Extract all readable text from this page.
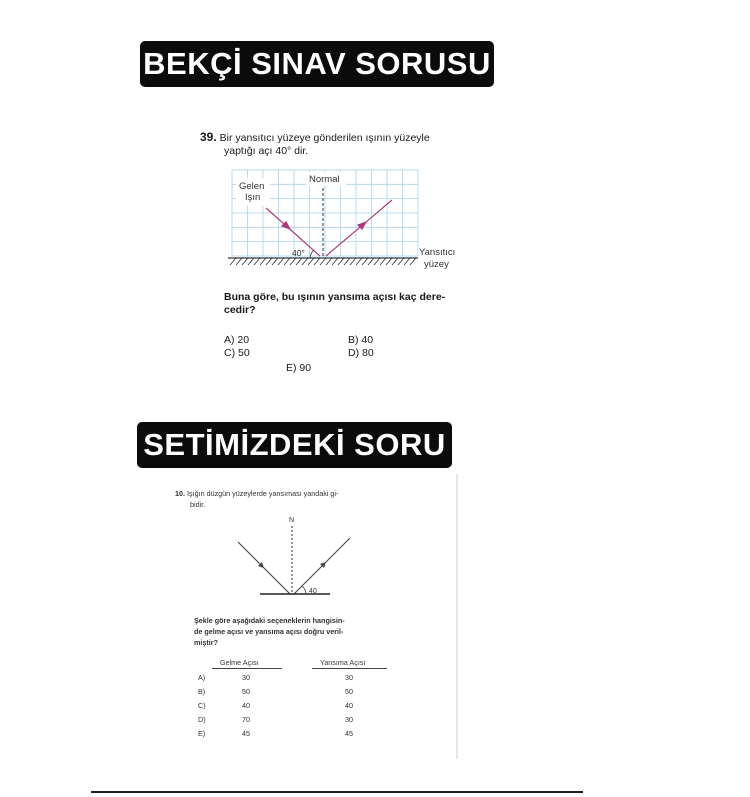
BEKÇİ SINAV SORUSU
SETİMİZDEKİ SORU
39. Bir yansıtıcı yüzeye gönderilen ışının yüzeyle
yaptığı açı 40° dir.
Gelen
Işın
Normal
40°	Yansıtıcı
yüzey
Buna göre, bu ışının yansıma açısı kaç dere-
cedir?
A) 20	B) 40
C) 50	D) 80
E) 90
10. Işığın düzgün yüzeylerde yansıması yandaki gi-
bidir.
N
40
Şekle göre aşağıdaki seçeneklerin hangisin-
de gelme açısı ve yansıma açısı doğru veril-
miştir?
Gelme Açısı	Yansıma Açısı
A)	30	30
B)	50	50
C)	40	40
D)	70	30
E)	45	45
